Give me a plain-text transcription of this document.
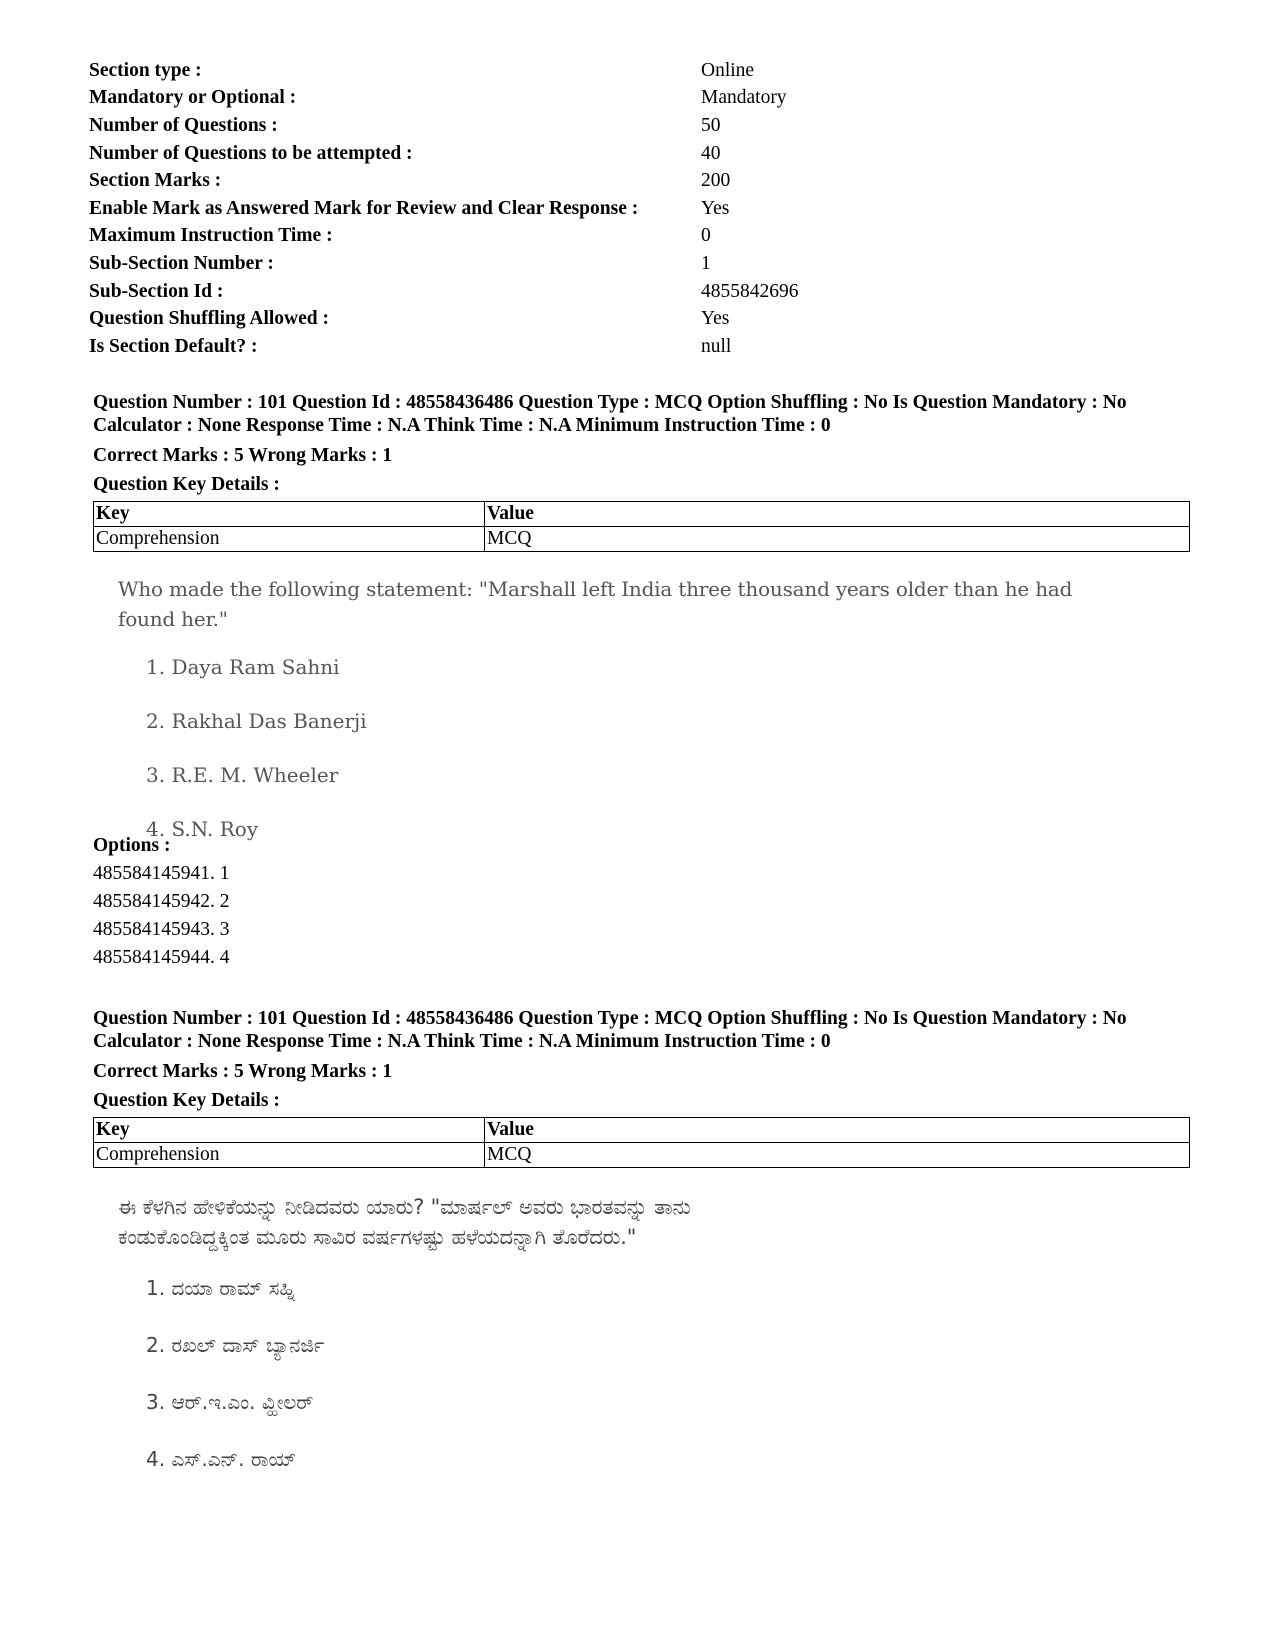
Section type :	Online
Mandatory or Optional :	Mandatory
Number of Questions :	50
Number of Questions to be attempted :	40
Section Marks :	200
Enable Mark as Answered Mark for Review and Clear Response :	Yes
Maximum Instruction Time :	0
Sub-Section Number :	1
Sub-Section Id :	4855842696
Question Shuffling Allowed :	Yes
Is Section Default? :	null
Question Number : 101 Question Id : 48558436486 Question Type : MCQ Option Shuffling : No Is Question Mandatory : No Calculator : None Response Time : N.A Think Time : N.A Minimum Instruction Time : 0
Correct Marks : 5 Wrong Marks : 1
Question Key Details :
Key	Value
Comprehension	MCQ
Who made the following statement: "Marshall left India three thousand years older than he had found her."
1. Daya Ram Sahni
2. Rakhal Das Banerji
3. R.E. M. Wheeler
4. S.N. Roy
Options :
485584145941. 1
485584145942. 2
485584145943. 3
485584145944. 4
Question Number : 101 Question Id : 48558436486 Question Type : MCQ Option Shuffling : No Is Question Mandatory : No Calculator : None Response Time : N.A Think Time : N.A Minimum Instruction Time : 0
Correct Marks : 5 Wrong Marks : 1
Question Key Details :
Key	Value
Comprehension	MCQ
ಈ ಕೆಳಗಿನ ಹೇಳಿಕೆಯನ್ನು ನೀಡಿದವರು ಯಾರು? "ಮಾರ್ಷಲ್ ಅವರು ಭಾರತವನ್ನು ತಾನು
ಕಂಡುಕೊಂಡಿದ್ದಕ್ಕಿಂತ ಮೂರು ಸಾವಿರ ವರ್ಷಗಳಷ್ಟು ಹಳೆಯದನ್ನಾಗಿ ತೊರೆದರು."
1. ದಯಾ ರಾಮ್ ಸಹ್ನಿ
2. ರಖಲ್ ದಾಸ್ ಬ್ಯಾನರ್ಜಿ
3. ಆರ್.ಇ.ಎಂ. ವ್ಹೀಲರ್
4. ಎಸ್.ಎನ್. ರಾಯ್
